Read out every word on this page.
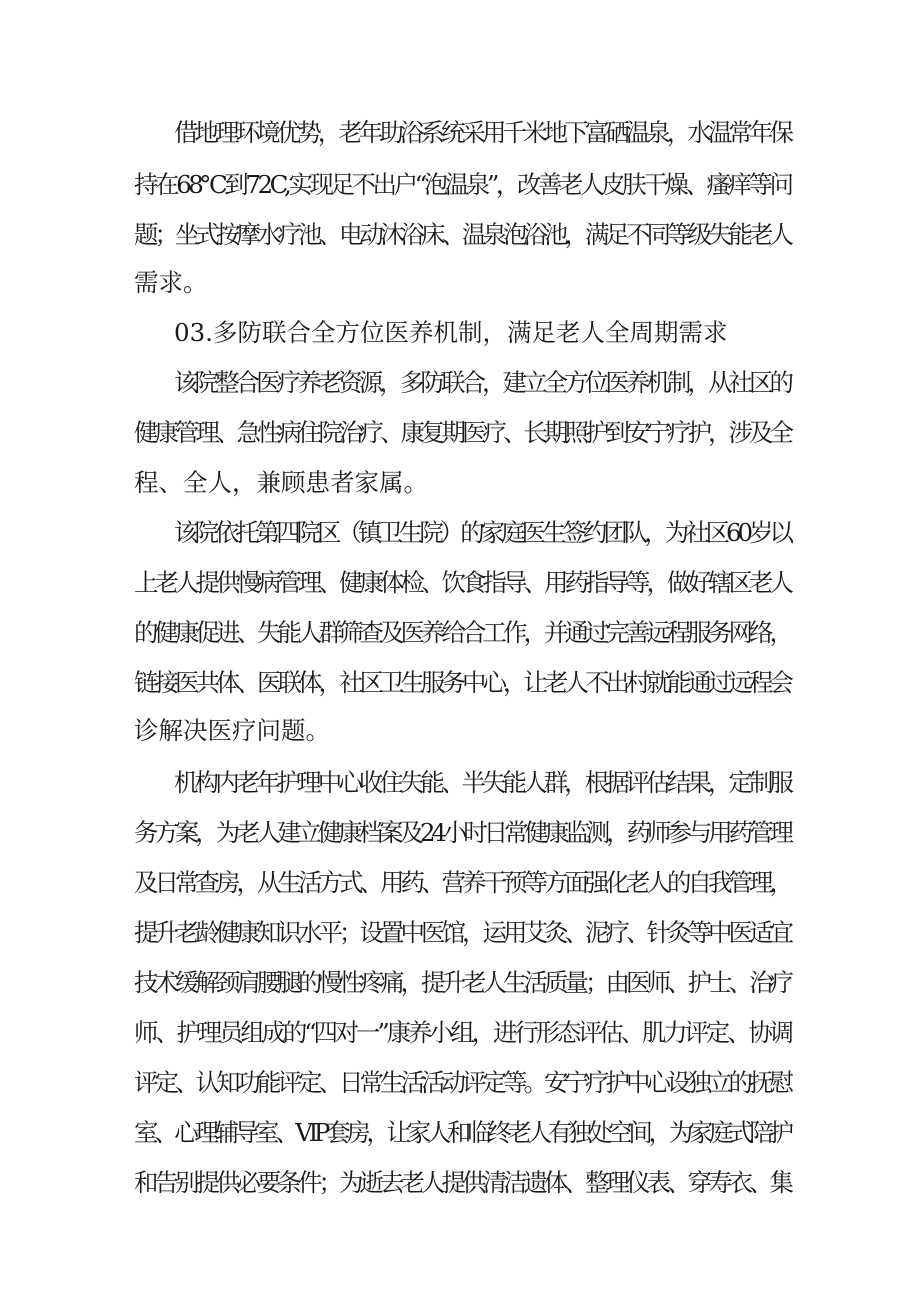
借地理环境优势，老年助浴系统采用千米地下富硒温泉，水温常年保
持在68℃到72C,实现足不出户“泡温泉”，改善老人皮肤干燥、瘙痒等问
题；坐式按摩水疗池、电动沐浴床、温泉泡浴池，满足不同等级失能老人
需求。
03.多防联合全方位医养机制，满足老人全周期需求
该院整合医疗养老资源，多防联合，建立全方位医养机制，从社区的
健康管理、急性病住院治疗、康复期医疗、长期照护到安宁疗护，涉及全
程、全人，兼顾患者家属。
该院依托第四院区（镇卫生院）的家庭医生签约团队，为社区60岁以
上老人提供慢病管理、健康体检、饮食指导、用药指导等，做好辖区老人
的健康促进、失能人群筛查及医养给合工作，并通过完善远程服务网络，
链接医共体、医联体，社区卫生服务中心，让老人不出村就能通过远程会
诊解决医疗问题。
机构内老年护理中心收住失能、半失能人群，根据评估结果，定制服
务方案，为老人建立健康档案及24小时日常健康监测，药师参与用药管理
及日常查房，从生活方式、用药、营养干预等方面强化老人的自我管理，
提升老龄健康知识水平；设置中医馆，运用艾灸、泥疗、针灸等中医适宜
技术缓解颈肩腰腿的慢性疼痛，提升老人生活质量；由医师、护士、治疗
师、护理员组成的“四对一”康养小组，进行形态评估、肌力评定、协调
评定、认知功能评定、日常生活活动评定等。安宁疗护中心设独立的抚慰
室、心理辅导室、VIP套房，让家人和临终老人有独处空间，为家庭式陪护
和告别提供必要条件；为逝去老人提供清洁遗体、整理仪表、穿寿衣、集
